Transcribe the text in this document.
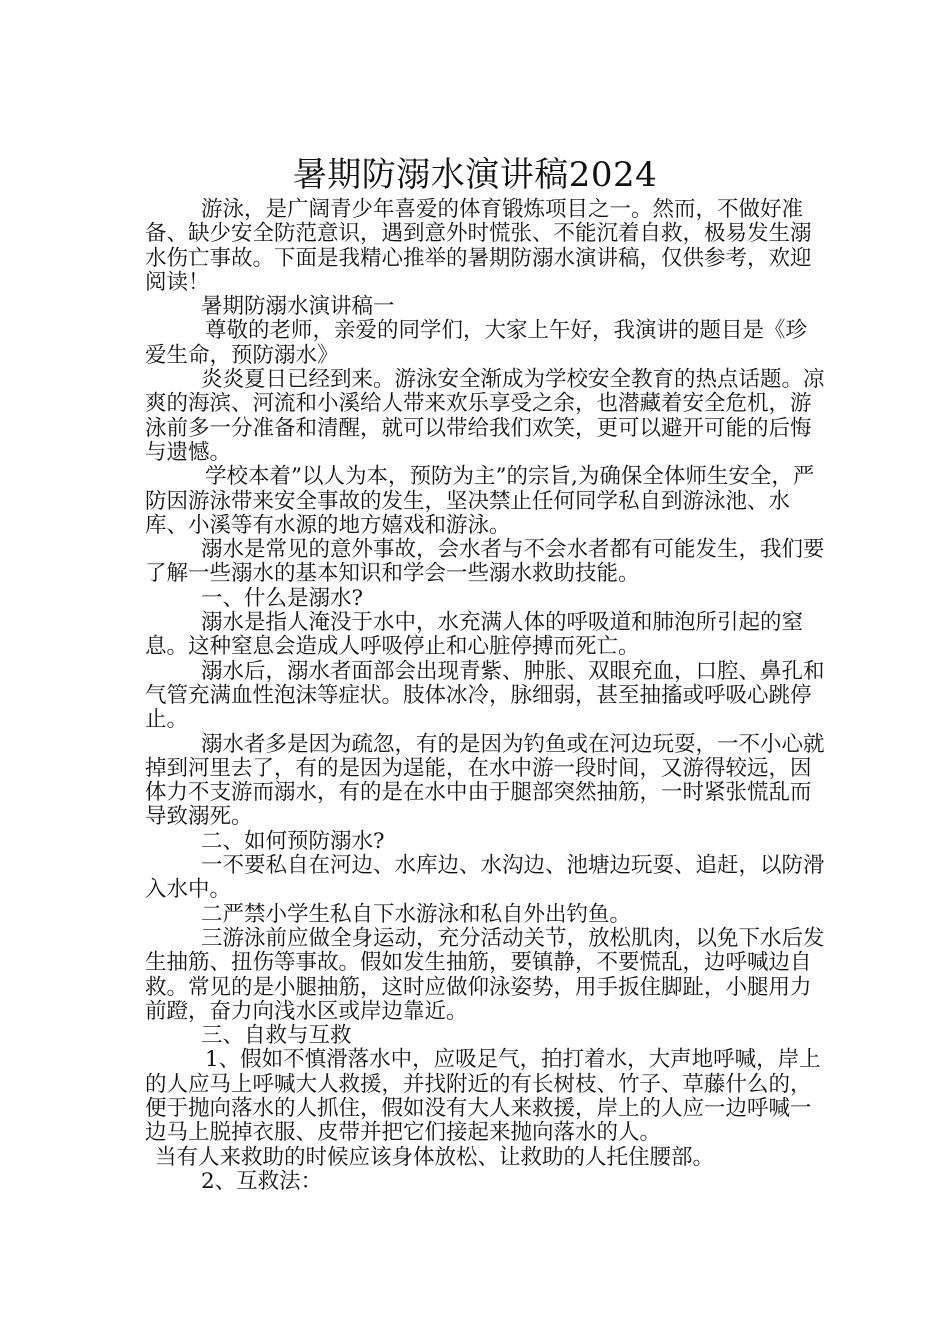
暑期防溺水演讲稿2024

游泳，是广阔青少年喜爱的体育锻炼项目之一。然而，不做好准备、缺少安全防范意识，遇到意外时慌张、不能沉着自救，极易发生溺水伤亡事故。下面是我精心推举的暑期防溺水演讲稿，仅供参考，欢迎阅读！

暑期防溺水演讲稿一

尊敬的老师，亲爱的同学们，大家上午好，我演讲的题目是《珍爱生命，预防溺水》

炎炎夏日已经到来。游泳安全渐成为学校安全教育的热点话题。凉爽的海滨、河流和小溪给人带来欢乐享受之余，也潜藏着安全危机，游泳前多一分准备和清醒，就可以带给我们欢笑，更可以避开可能的后悔与遗憾。

学校本着”以人为本，预防为主”的宗旨,为确保全体师生安全，严防因游泳带来安全事故的发生，坚决禁止任何同学私自到游泳池、水库、小溪等有水源的地方嬉戏和游泳。

溺水是常见的意外事故，会水者与不会水者都有可能发生，我们要了解一些溺水的基本知识和学会一些溺水救助技能。

一、什么是溺水?

溺水是指人淹没于水中，水充满人体的呼吸道和肺泡所引起的窒息。这种窒息会造成人呼吸停止和心脏停搏而死亡。

溺水后，溺水者面部会出现青紫、肿胀、双眼充血，口腔、鼻孔和气管充满血性泡沫等症状。肢体冰冷，脉细弱，甚至抽搐或呼吸心跳停止。

溺水者多是因为疏忽，有的是因为钓鱼或在河边玩耍，一不小心就掉到河里去了，有的是因为逞能，在水中游一段时间，又游得较远，因体力不支游而溺水，有的是在水中由于腿部突然抽筋，一时紧张慌乱而导致溺死。

二、如何预防溺水?

一不要私自在河边、水库边、水沟边、池塘边玩耍、追赶，以防滑入水中。

二严禁小学生私自下水游泳和私自外出钓鱼。

三游泳前应做全身运动，充分活动关节，放松肌肉，以免下水后发生抽筋、扭伤等事故。假如发生抽筋，要镇静，不要慌乱，边呼喊边自救。常见的是小腿抽筋，这时应做仰泳姿势，用手扳住脚趾，小腿用力前蹬，奋力向浅水区或岸边靠近。

三、自救与互救

1、假如不慎滑落水中，应吸足气，拍打着水，大声地呼喊，岸上的人应马上呼喊大人救援，并找附近的有长树枝、竹子、草藤什么的，便于抛向落水的人抓住，假如没有大人来救援，岸上的人应一边呼喊一边马上脱掉衣服、皮带并把它们接起来抛向落水的人。

当有人来救助的时候应该身体放松、让救助的人托住腰部。

2、互救法：
